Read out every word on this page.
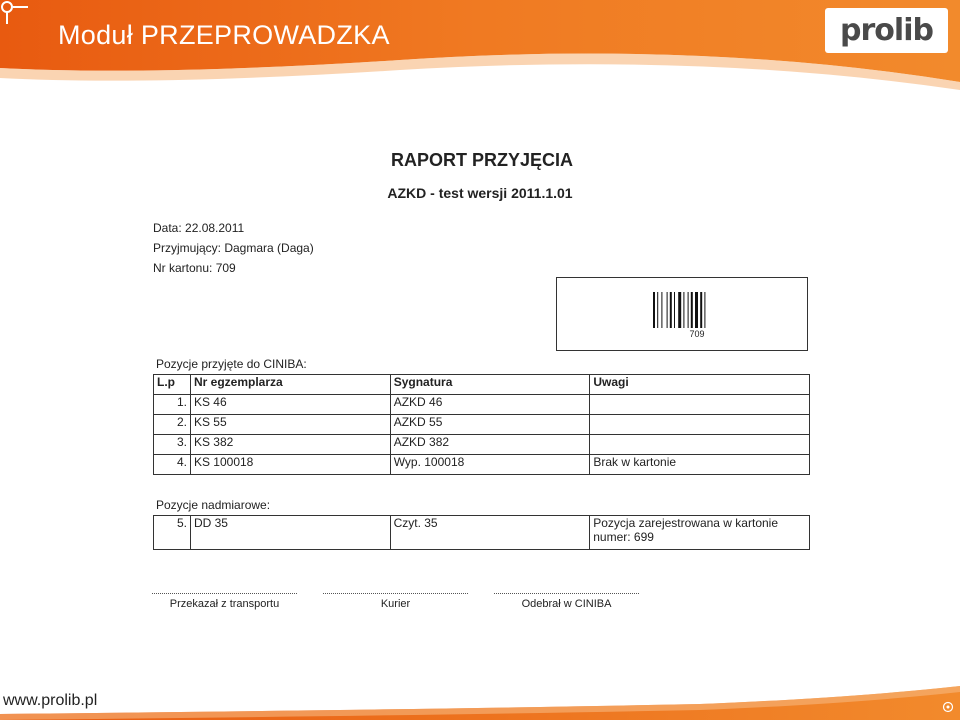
Moduł PRZEPROWADZKA	prolib
RAPORT PRZYJĘCIA
AZKD - test wersji 2011.1.01
Data: 22.08.2011
Przyjmujący: Dagmara (Daga)
Nr kartonu: 709
709
Pozycje przyjęte do CINIBA:
L.p	Nr egzemplarza	Sygnatura	Uwagi
1.	KS 46	AZKD 46	
2.	KS 55	AZKD 55	
3.	KS 382	AZKD 382	
4.	KS 100018	Wyp. 100018	Brak w kartonie
Pozycje nadmiarowe:
5.	DD 35	Czyt. 35	Pozycja zarejestrowana w kartonie
numer: 699
Przekazał z transportu	Kurier	Odebrał w CINIBA
www.prolib.pl
